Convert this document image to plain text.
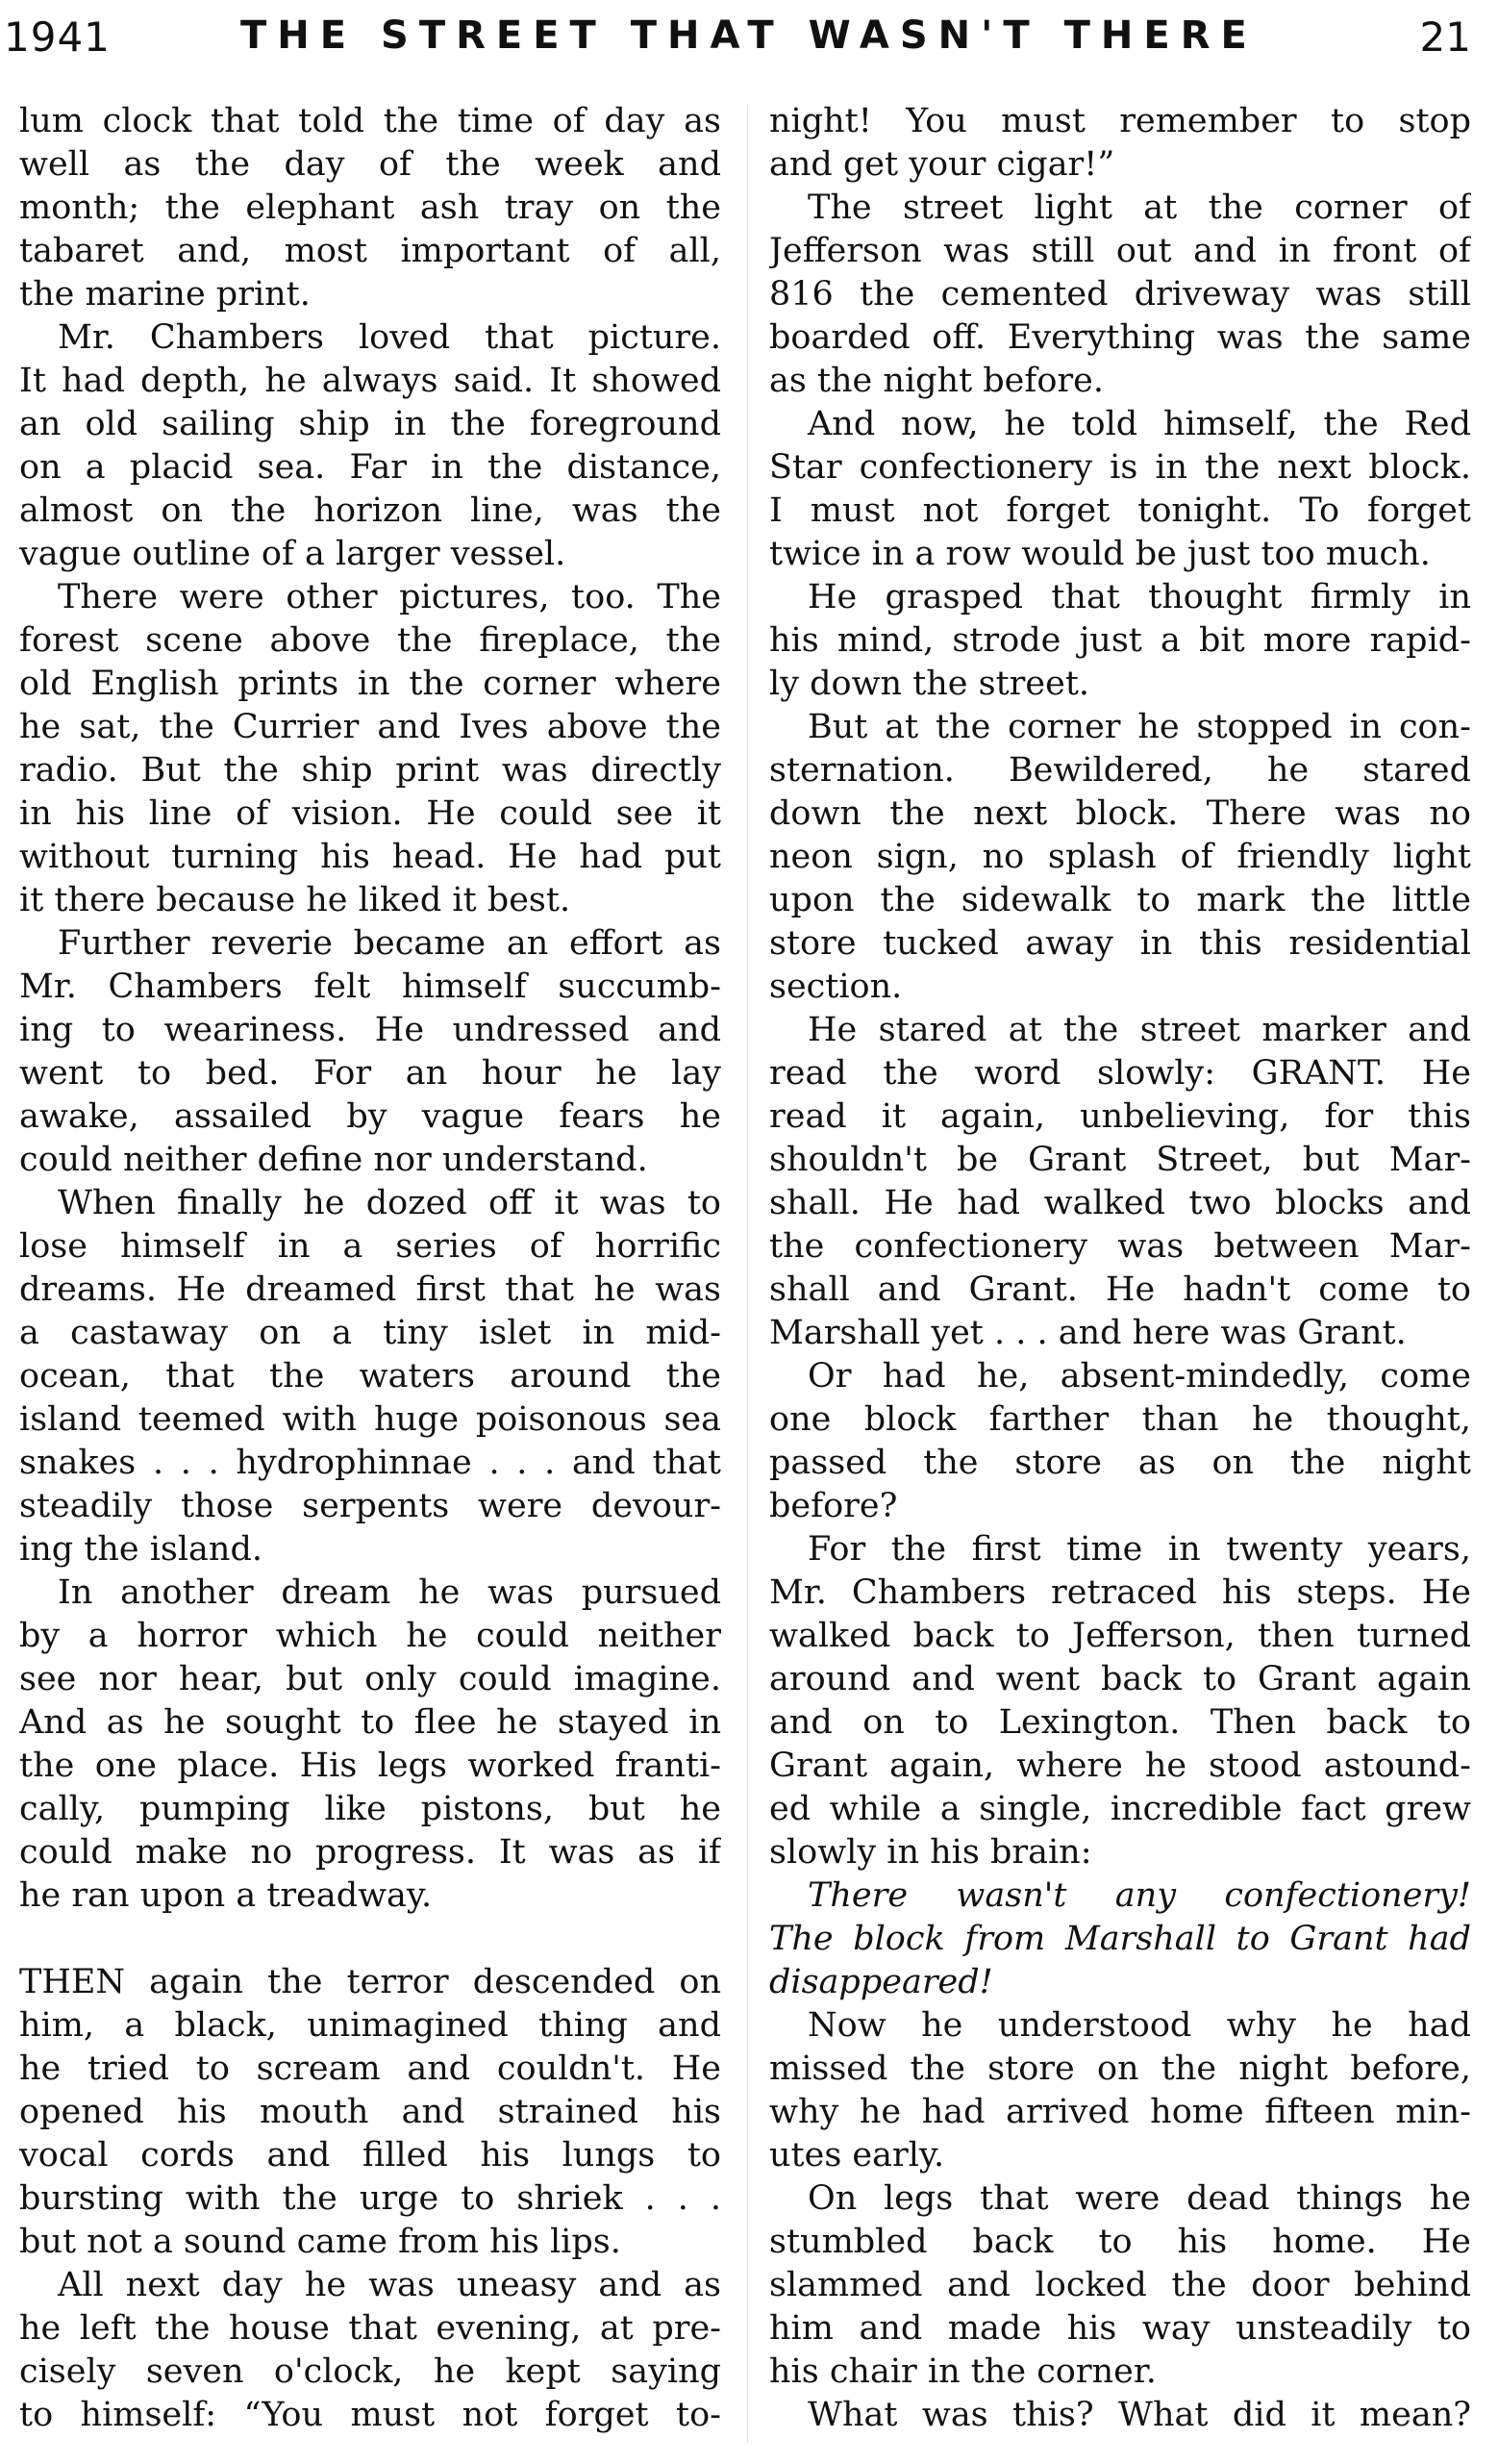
1941	THE STREET THAT WASN'T THERE	21
lum clock that told the time of day as
well as the day of the week and
month; the elephant ash tray on the
tabaret and, most important of all,
the marine print.
Mr. Chambers loved that picture.
It had depth, he always said. It showed
an old sailing ship in the foreground
on a placid sea. Far in the distance,
almost on the horizon line, was the
vague outline of a larger vessel.
There were other pictures, too. The
forest scene above the fireplace, the
old English prints in the corner where
he sat, the Currier and Ives above the
radio. But the ship print was directly
in his line of vision. He could see it
without turning his head. He had put
it there because he liked it best.
Further reverie became an effort as
Mr. Chambers felt himself succumb-
ing to weariness. He undressed and
went to bed. For an hour he lay
awake, assailed by vague fears he
could neither define nor understand.
When finally he dozed off it was to
lose himself in a series of horrific
dreams. He dreamed first that he was
a castaway on a tiny islet in mid-
ocean, that the waters around the
island teemed with huge poisonous sea
snakes . . . hydrophinnae . . . and that
steadily those serpents were devour-
ing the island.
In another dream he was pursued
by a horror which he could neither
see nor hear, but only could imagine.
And as he sought to flee he stayed in
the one place. His legs worked franti-
cally, pumping like pistons, but he
could make no progress. It was as if
he ran upon a treadway.
THEN again the terror descended on
him, a black, unimagined thing and
he tried to scream and couldn't. He
opened his mouth and strained his
vocal cords and filled his lungs to
bursting with the urge to shriek . . .
but not a sound came from his lips.
All next day he was uneasy and as
he left the house that evening, at pre-
cisely seven o'clock, he kept saying
to himself: “You must not forget to-
night! You must remember to stop
and get your cigar!”
The street light at the corner of
Jefferson was still out and in front of
816 the cemented driveway was still
boarded off. Everything was the same
as the night before.
And now, he told himself, the Red
Star confectionery is in the next block.
I must not forget tonight. To forget
twice in a row would be just too much.
He grasped that thought firmly in
his mind, strode just a bit more rapid-
ly down the street.
But at the corner he stopped in con-
sternation. Bewildered, he stared
down the next block. There was no
neon sign, no splash of friendly light
upon the sidewalk to mark the little
store tucked away in this residential
section.
He stared at the street marker and
read the word slowly: GRANT. He
read it again, unbelieving, for this
shouldn't be Grant Street, but Mar-
shall. He had walked two blocks and
the confectionery was between Mar-
shall and Grant. He hadn't come to
Marshall yet . . . and here was Grant.
Or had he, absent-mindedly, come
one block farther than he thought,
passed the store as on the night
before?
For the first time in twenty years,
Mr. Chambers retraced his steps. He
walked back to Jefferson, then turned
around and went back to Grant again
and on to Lexington. Then back to
Grant again, where he stood astound-
ed while a single, incredible fact grew
slowly in his brain:
There wasn't any confectionery!
The block from Marshall to Grant had
disappeared!
Now he understood why he had
missed the store on the night before,
why he had arrived home fifteen min-
utes early.
On legs that were dead things he
stumbled back to his home. He
slammed and locked the door behind
him and made his way unsteadily to
his chair in the corner.
What was this? What did it mean?
